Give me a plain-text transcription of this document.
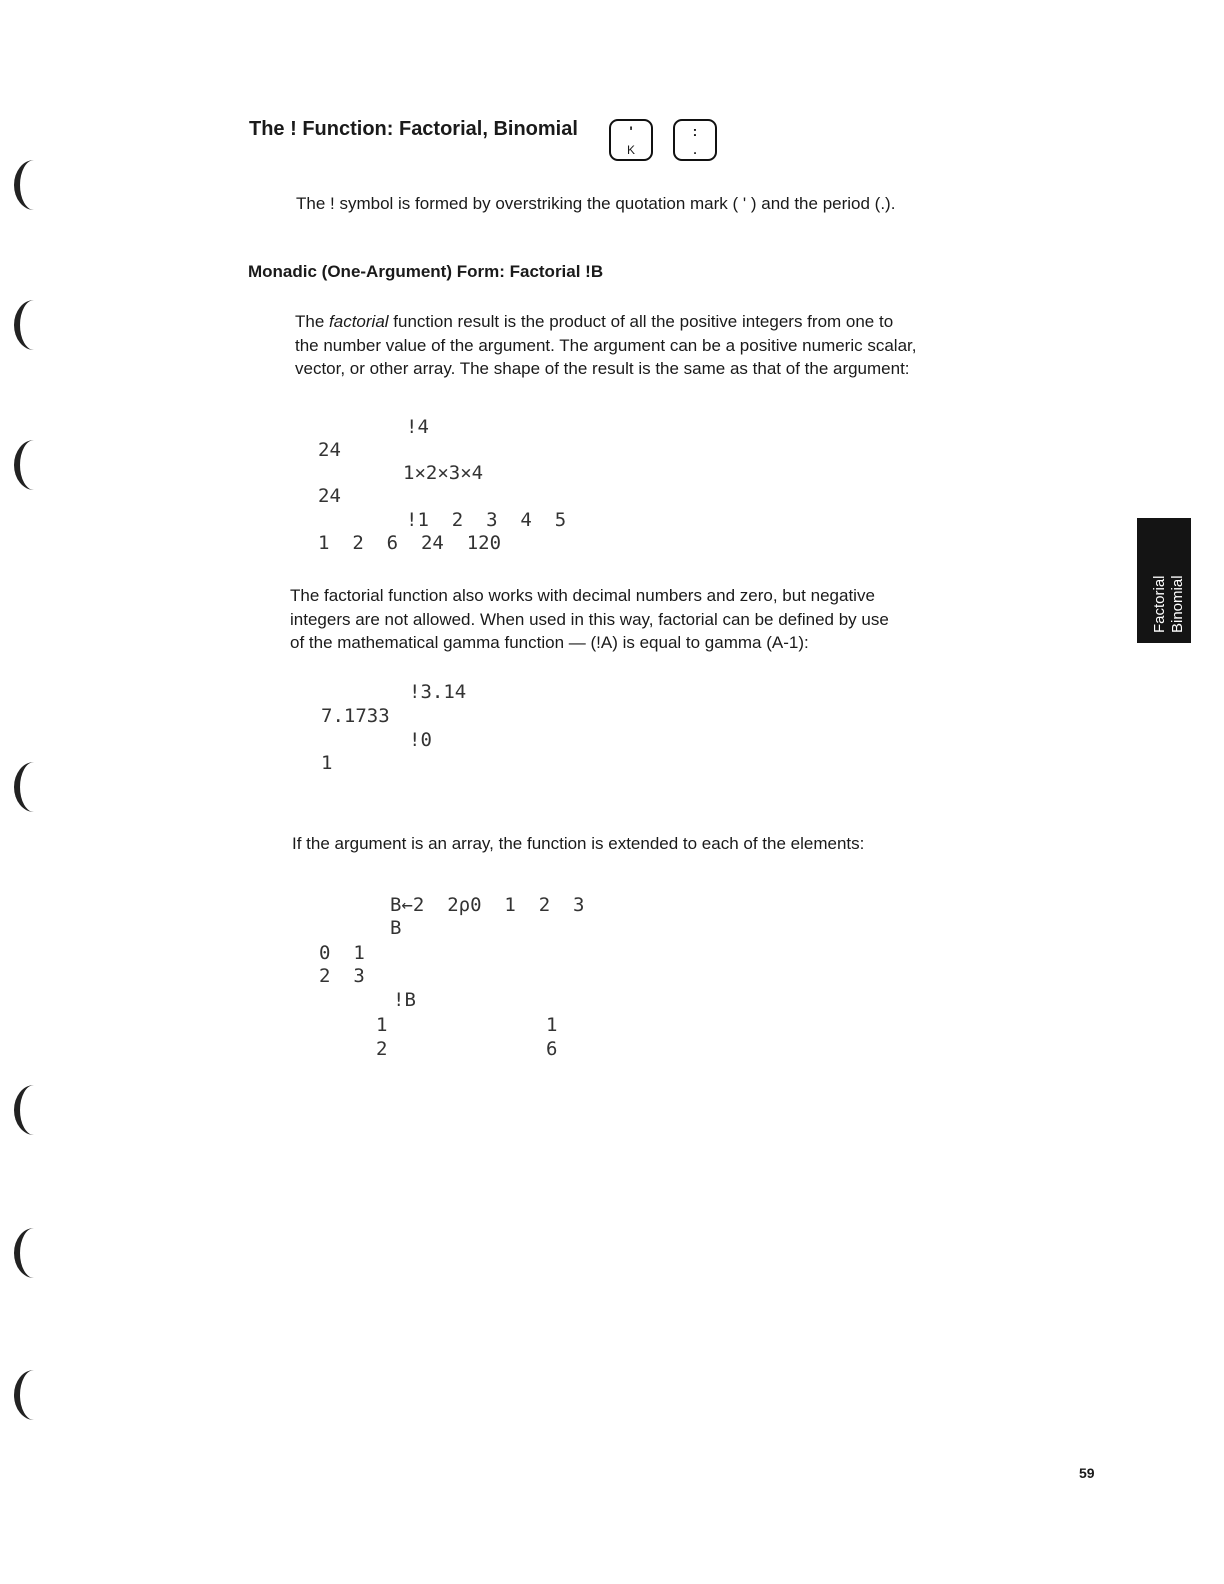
The ! Function: Factorial, Binomial	'
K
:
.
The ! symbol is formed by overstriking the quotation mark ( ' ) and the period (.).
Monadic (One-Argument) Form: Factorial !B
The factorial function result is the product of all the positive integers from one to
the number value of the argument. The argument can be a positive numeric scalar,
vector, or other array. The shape of the result is the same as that of the argument:
!4
24
1×2×3×4
24
!1  2  3  4  5
1  2  6  24  120
The factorial function also works with decimal numbers and zero, but negative
integers are not allowed. When used in this way, factorial can be defined by use
of the mathematical gamma function — (!A) is equal to gamma (A-1):
!3.14
7.1733
!0
1
If the argument is an array, the function is extended to each of the elements:
B←2  2⍴0  1  2  3
B
0  1
2  3
!B
1
2
1
6
Factorial Binomial
59
